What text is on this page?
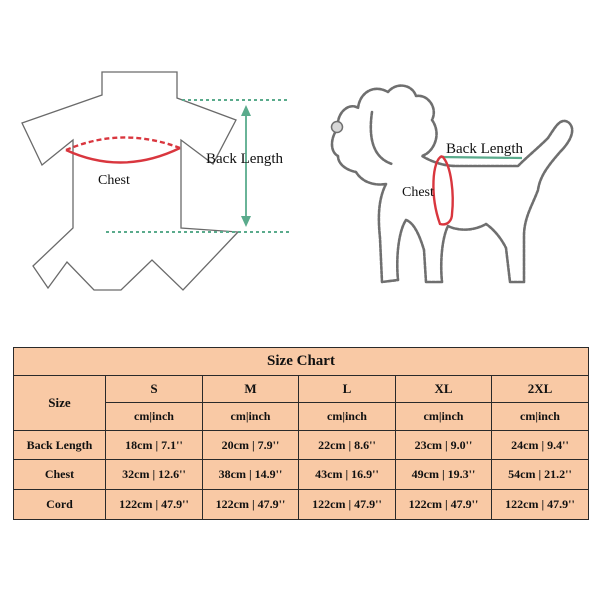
Chest
Back Length
Back Length
Chest
Size Chart					
Size	S	M	L	XL	2XL
	cm|inch	cm|inch	cm|inch	cm|inch	cm|inch
Back Length	18cm | 7.1''	20cm | 7.9''	22cm | 8.6''	23cm | 9.0''	24cm | 9.4''
Chest	32cm | 12.6''	38cm | 14.9''	43cm | 16.9''	49cm | 19.3''	54cm | 21.2''
Cord	122cm | 47.9''	122cm | 47.9''	122cm | 47.9''	122cm | 47.9''	122cm | 47.9''
